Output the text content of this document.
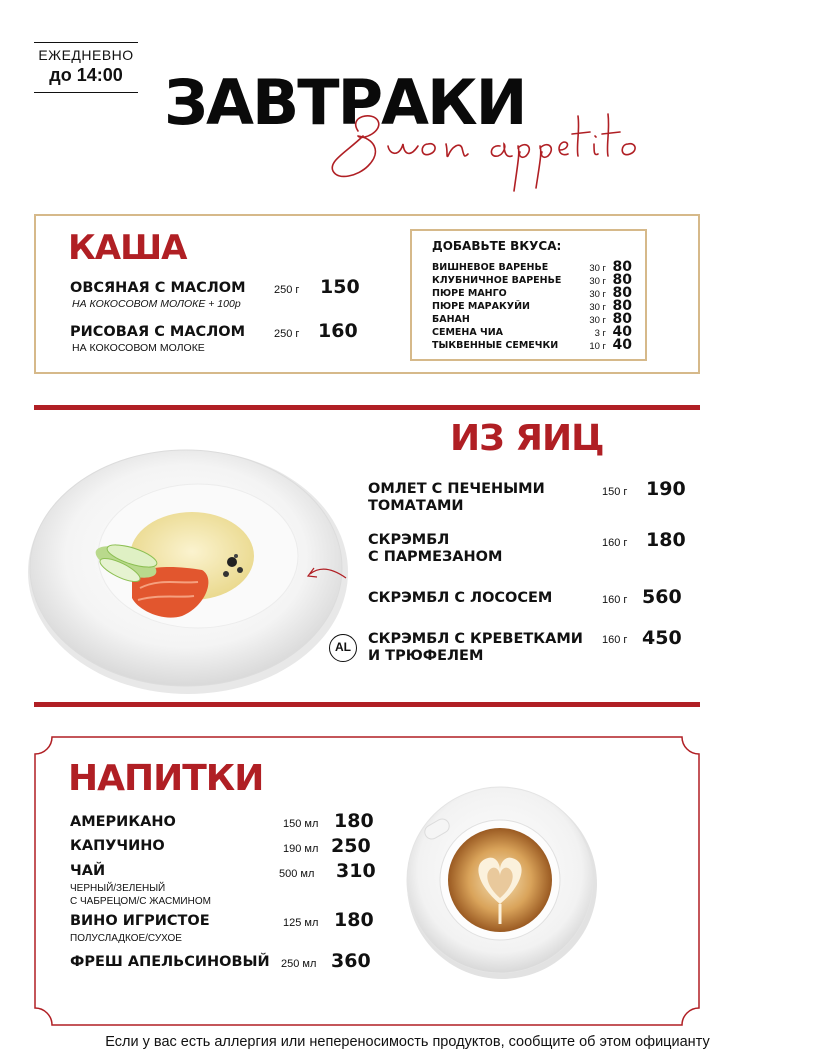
ЕЖЕДНЕВНО
до 14:00 ЗАВТРАКИ
КАША
ОВСЯНАЯ С МАСЛОМ
НА КОКОСОВОМ МОЛОКЕ + 100р
250 г 150
РИСОВАЯ С МАСЛОМ
НА КОКОСОВОМ МОЛОКЕ
250 г 160
ДОБАВЬТЕ ВКУСА:
ВИШНЕВОЕ ВАРЕНЬЕ	30 г 80
КЛУБНИЧНОЕ ВАРЕНЬЕ	30 г 80
ПЮРЕ МАНГО	30 г 80
ПЮРЕ МАРАКУЙИ	30 г 80
БАНАН	30 г 80
СЕМЕНА ЧИА	3 г 40
ТЫКВЕННЫЕ СЕМЕЧКИ	10 г 40
ИЗ ЯИЦ
ОМЛЕТ С ПЕЧЕНЫМИ
ТОМАТАМИ
150 г 190
СКРЭМБЛ
С ПАРМЕЗАНОМ
160 г 180
СКРЭМБЛ С ЛОСОСЕМ	160 г 560
AL	СКРЭМБЛ С КРЕВЕТКАМИ
И ТРЮФЕЛЕМ
160 г 450
НАПИТКИ
АМЕРИКАНО	150 мл 180
КАПУЧИНО	190 мл 250
ЧАЙ
ЧЕРНЫЙ/ЗЕЛЕНЫЙ
С ЧАБРЕЦОМ/С ЖАСМИНОМ
500 мл 310
ВИНО ИГРИСТОЕ
ПОЛУСЛАДКОЕ/СУХОЕ
125 мл 180
ФРЕШ АПЕЛЬСИНОВЫЙ 250 мл 360
Если у вас есть аллергия или непереносимость продуктов, сообщите об этом официанту
